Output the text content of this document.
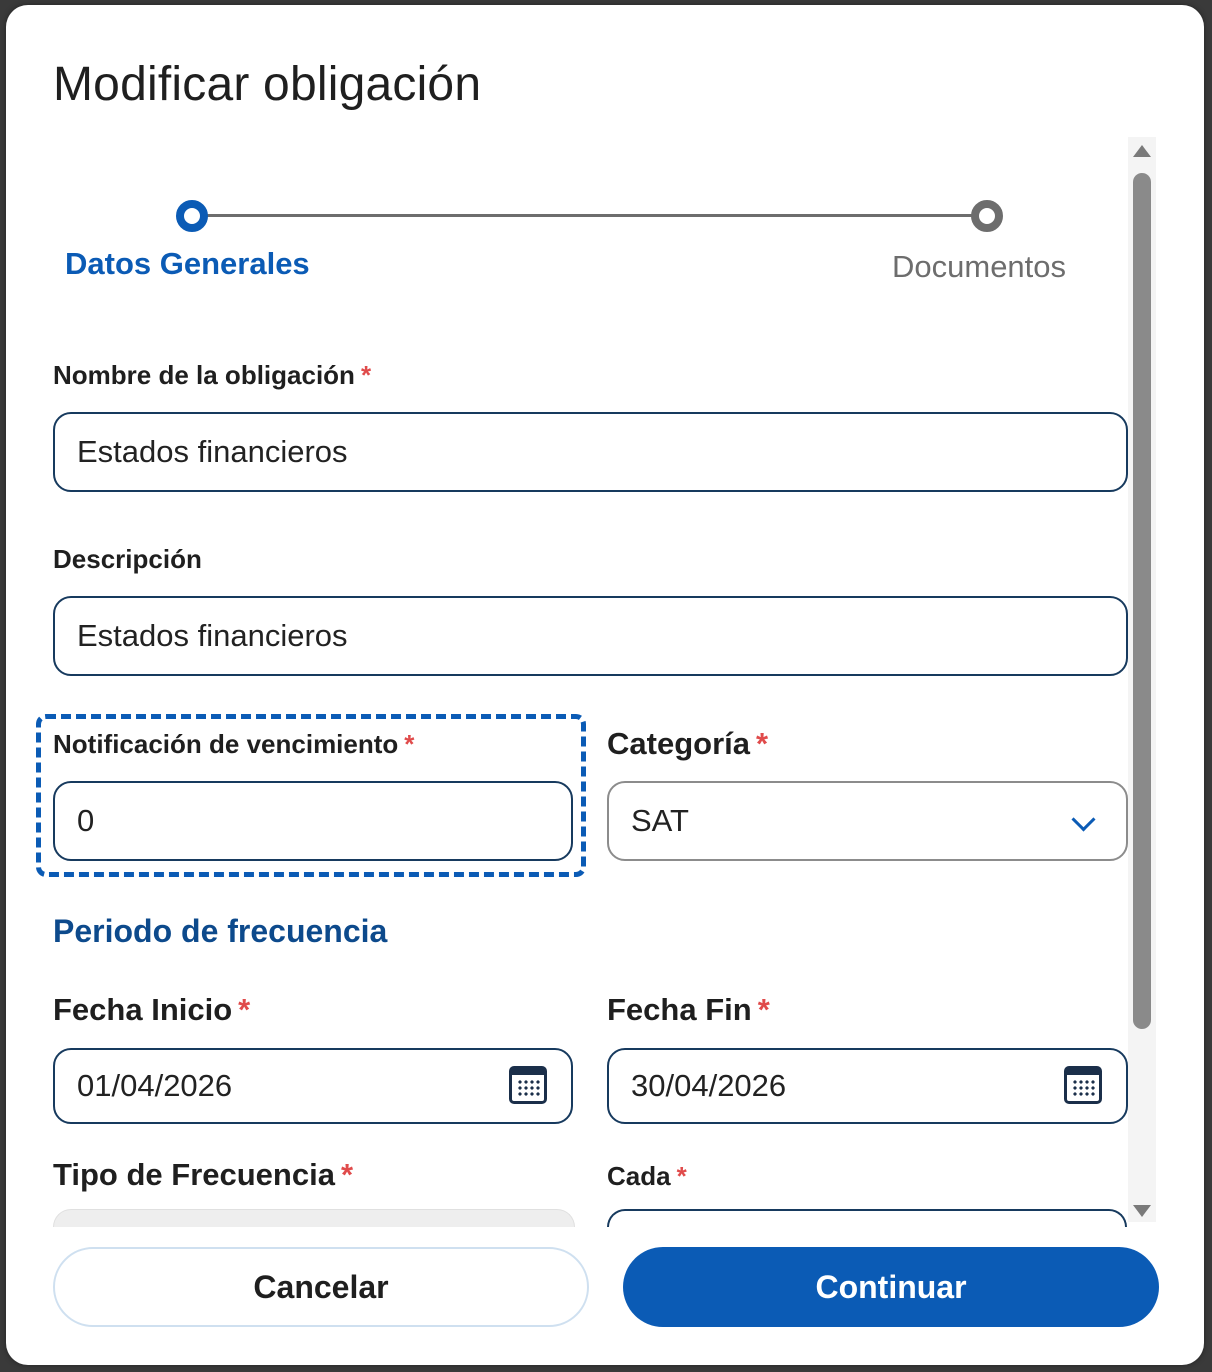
Modificar obligación
Datos Generales	Documentos
Nombre de la obligación *
Estados financieros
Descripción
Estados financieros
Notificación de vencimiento *
0
Categoría *
SAT
Periodo de frecuencia
Fecha Inicio *
01/04/2026
Fecha Fin *
30/04/2026
Tipo de Frecuencia *	Cada *
Cancelar	Continuar
